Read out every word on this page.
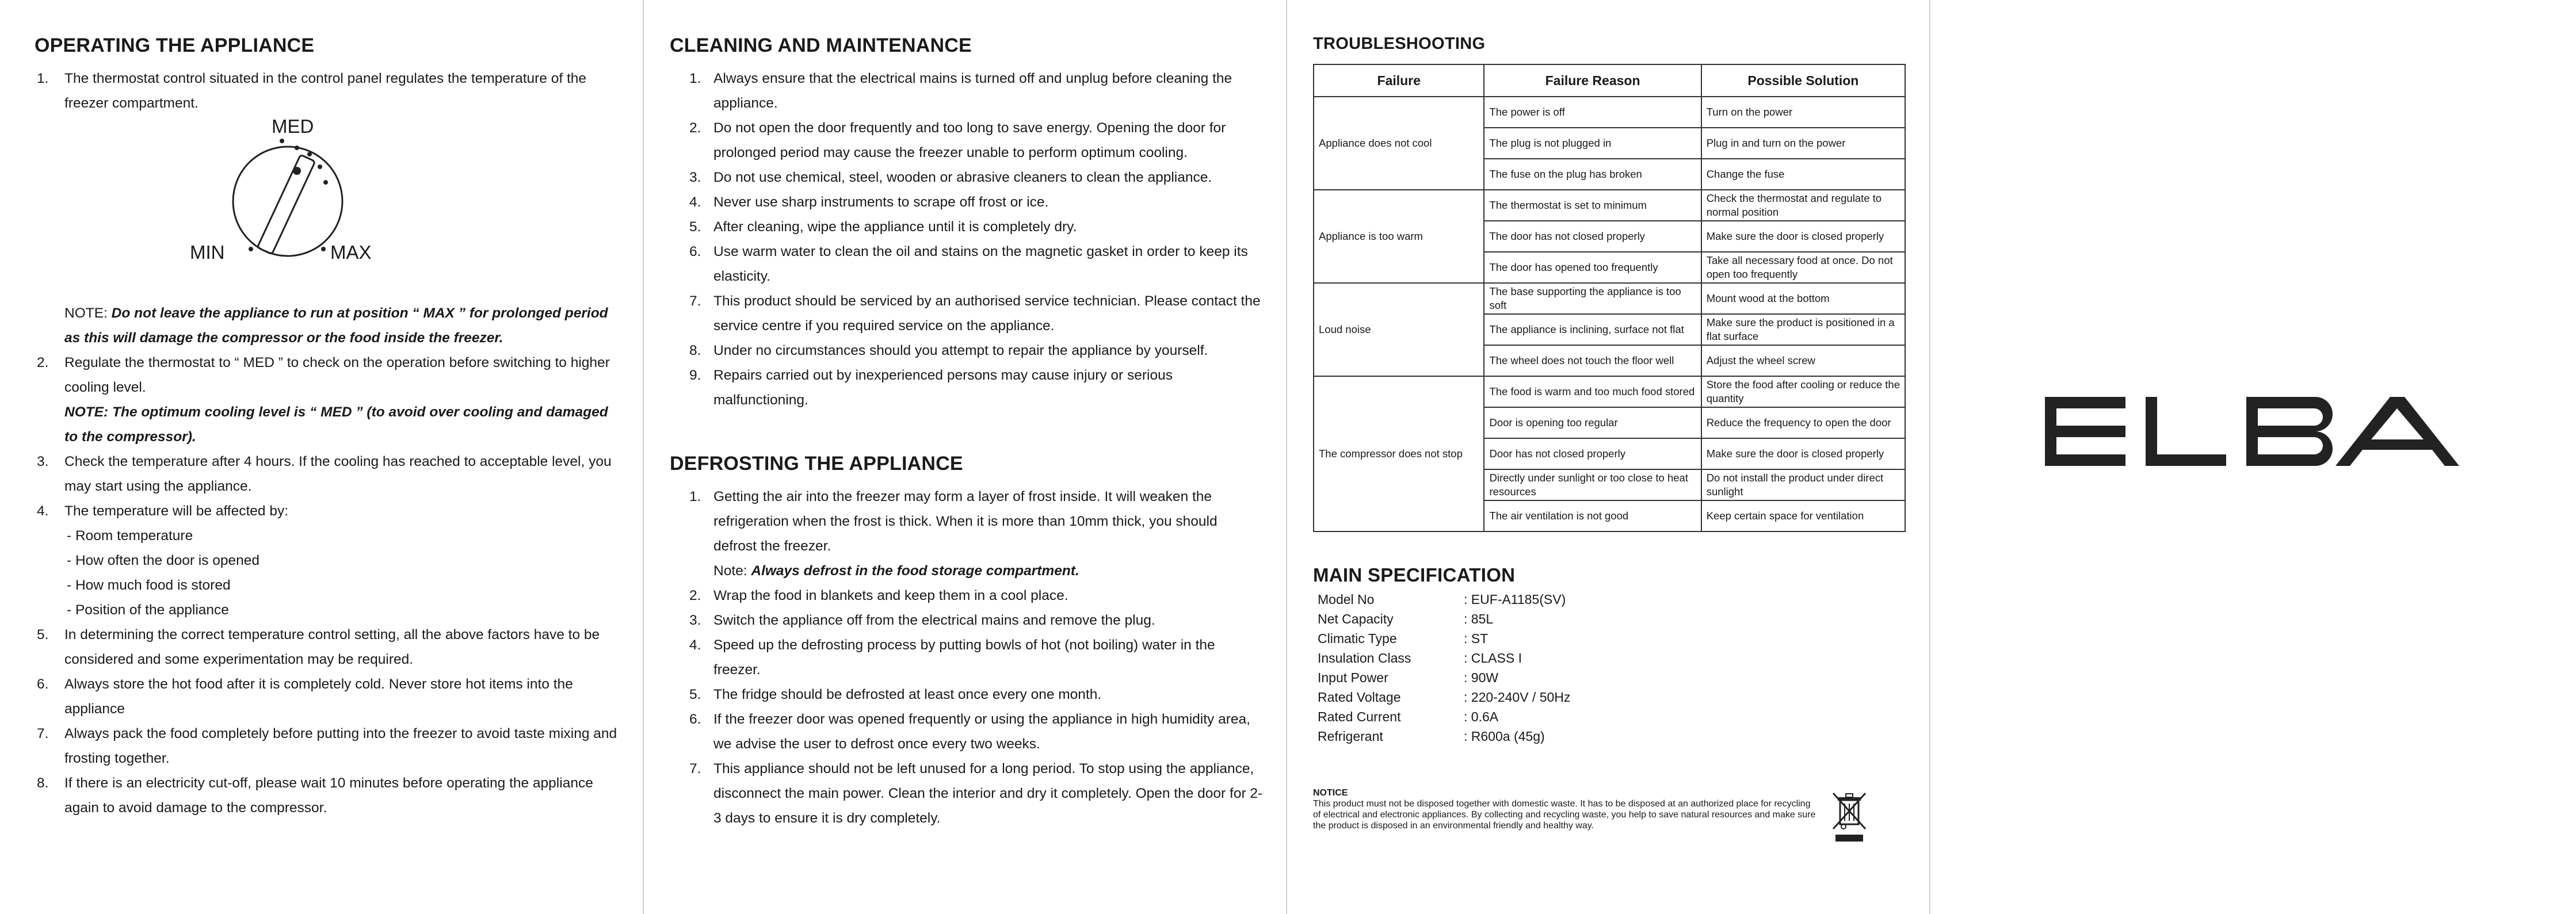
OPERATING THE APPLIANCE
1.	The thermostat control situated in the control panel regulates the temperature of the freezer compartment.
MED
MIN	MAX
NOTE: Do not leave the appliance to run at position “ MAX ” for prolonged period as this will damage the compressor or the food inside the freezer.
2.	Regulate the thermostat to “ MED ” to check on the operation before switching to higher cooling level.
NOTE: The optimum cooling level is “ MED ” (to avoid over cooling and damaged to the compressor).
3.	Check the temperature after 4 hours. If the cooling has reached to acceptable level, you may start using the appliance.
4.	The temperature will be affected by:
- Room temperature
- How often the door is opened
- How much food is stored
- Position of the appliance
5.	In determining the correct temperature control setting, all the above factors have to be considered and some experimentation may be required.
6.	Always store the hot food after it is completely cold. Never store hot items into the appliance
7.	Always pack the food completely before putting into the freezer to avoid taste mixing and frosting together.
8.	If there is an electricity cut-off, please wait 10 minutes before operating the appliance again to avoid damage to the compressor.
CLEANING AND MAINTENANCE
1. Always ensure that the electrical mains is turned off and unplug before cleaning the appliance.
2. Do not open the door frequently and too long to save energy. Opening the door for prolonged period may cause the freezer unable to perform optimum cooling.
3. Do not use chemical, steel, wooden or abrasive cleaners to clean the appliance.
4. Never use sharp instruments to scrape off frost or ice.
5. After cleaning, wipe the appliance until it is completely dry.
6. Use warm water to clean the oil and stains on the magnetic gasket in order to keep its elasticity.
7. This product should be serviced by an authorised service technician. Please contact the service centre if you required service on the appliance.
8. Under no circumstances should you attempt to repair the appliance by yourself.
9. Repairs carried out by inexperienced persons may cause injury or serious malfunctioning.
DEFROSTING THE APPLIANCE
1. Getting the air into the freezer may form a layer of frost inside. It will weaken the refrigeration when the frost is thick. When it is more than 10mm thick, you should defrost the freezer.
Note: Always defrost in the food storage compartment.
2. Wrap the food in blankets and keep them in a cool place.
3. Switch the appliance off from the electrical mains and remove the plug.
4. Speed up the defrosting process by putting bowls of hot (not boiling) water in the freezer.
5. The fridge should be defrosted at least once every one month.
6. If the freezer door was opened frequently or using the appliance in high humidity area, we advise the user to defrost once every two weeks.
7. This appliance should not be left unused for a long period. To stop using the appliance, disconnect the main power. Clean the interior and dry it completely. Open the door for 2-3 days to ensure it is dry completely.
TROUBLESHOOTING
Failure	Failure Reason	Possible Solution
Appliance does not cool	The power is off	Turn on the power
	The plug is not plugged in	Plug in and turn on the power
	The fuse on the plug has broken	Change the fuse
Appliance is too warm	The thermostat is set to minimum	Check the thermostat and regulate to normal position
	The door has not closed properly	Make sure the door is closed properly
	The door has opened too frequently	Take all necessary food at once. Do not open too frequently
Loud noise	The base supporting the appliance is too soft	Mount wood at the bottom
	The appliance is inclining, surface not flat	Make sure the product is positioned in a flat surface
	The wheel does not touch the floor well	Adjust the wheel screw
The compressor does not stop	The food is warm and too much food stored	Store the food after cooling or reduce the quantity
	Door is opening too regular	Reduce the frequency to open the door
	Door has not closed properly	Make sure the door is closed properly
	Directly under sunlight or too close to heat resources	Do not install the product under direct sunlight
	The air ventilation is not good	Keep certain space for ventilation
MAIN SPECIFICATION
Model No	: EUF-A1185(SV)
Net Capacity	: 85L
Climatic Type	: ST
Insulation Class	: CLASS I
Input Power	: 90W
Rated Voltage	: 220-240V / 50Hz
Rated Current	: 0.6A
Refrigerant	: R600a (45g)
NOTICE
This product must not be disposed together with domestic waste. It has to be disposed at an authorized place for recycling of electrical and electronic appliances. By collecting and recycling waste, you help to save natural resources and make sure the product is disposed in an environmental friendly and healthy way.
